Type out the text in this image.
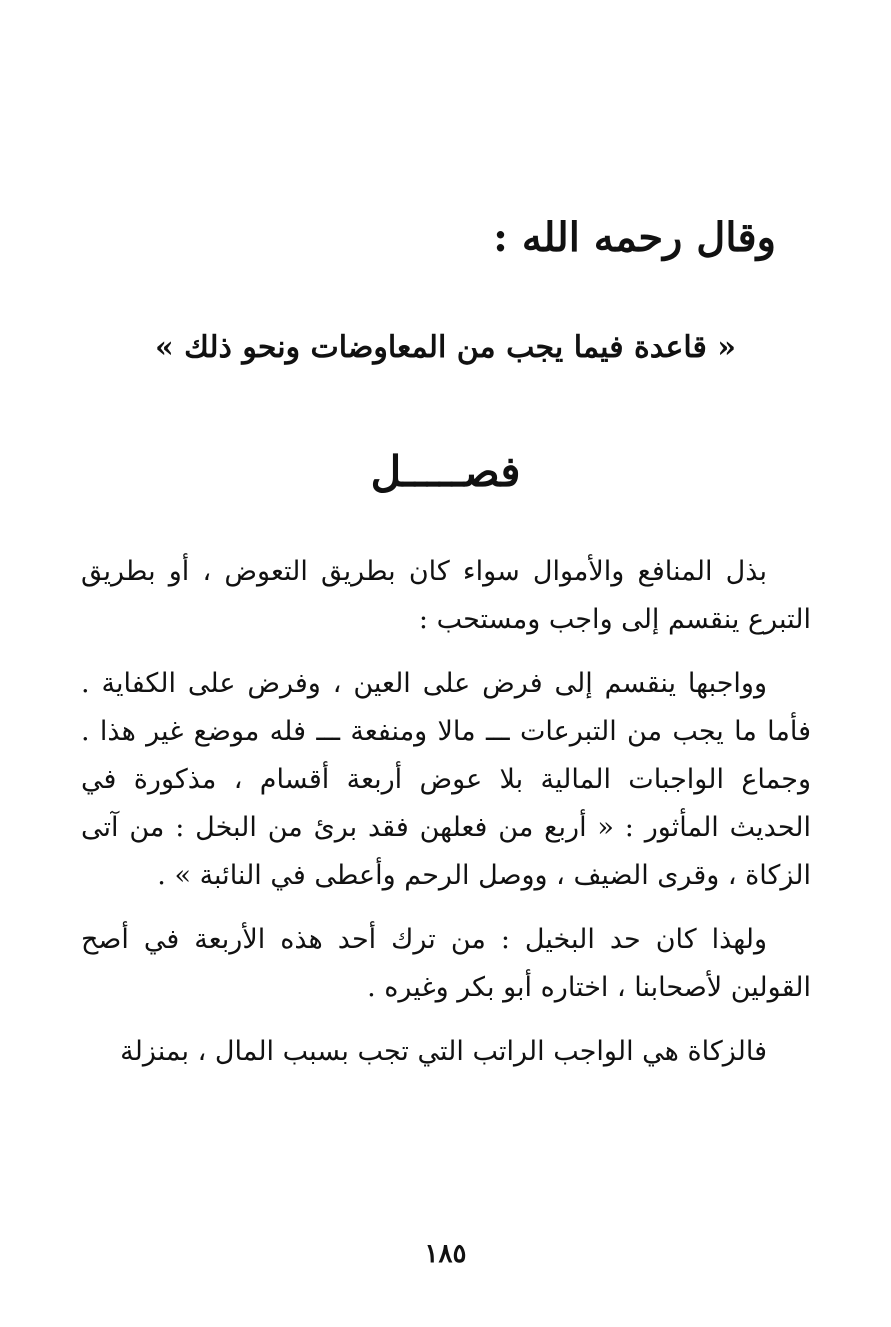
وقال رحمه الله :
« قاعدة فيما يجب من المعاوضات ونحو ذلك »
فصـــــل

بذل المنافع والأموال سواء كان بطريق التعوض ، أو بطريق التبرع ينقسم إلى واجب ومستحب :

وواجبها ينقسم إلى فرض على العين ، وفرض على الكفاية . فأما ما يجب من التبرعات ـــ مالا ومنفعة ـــ فله موضع غير هذا . وجماع الواجبات المالية بلا عوض أربعة أقسام ، مذكورة في الحديث المأثور : « أربع من فعلهن فقد برئ من البخل : من آتى الزكاة ، وقرى الضيف ، ووصل الرحم وأعطى في النائبة » .

ولهذا كان حد البخيل : من ترك أحد هذه الأربعة في أصح القولين لأصحابنا ، اختاره أبو بكر وغيره .

فالزكاة هي الواجب الراتب التي تجب بسبب المال ، بمنزلة

١٨٥
